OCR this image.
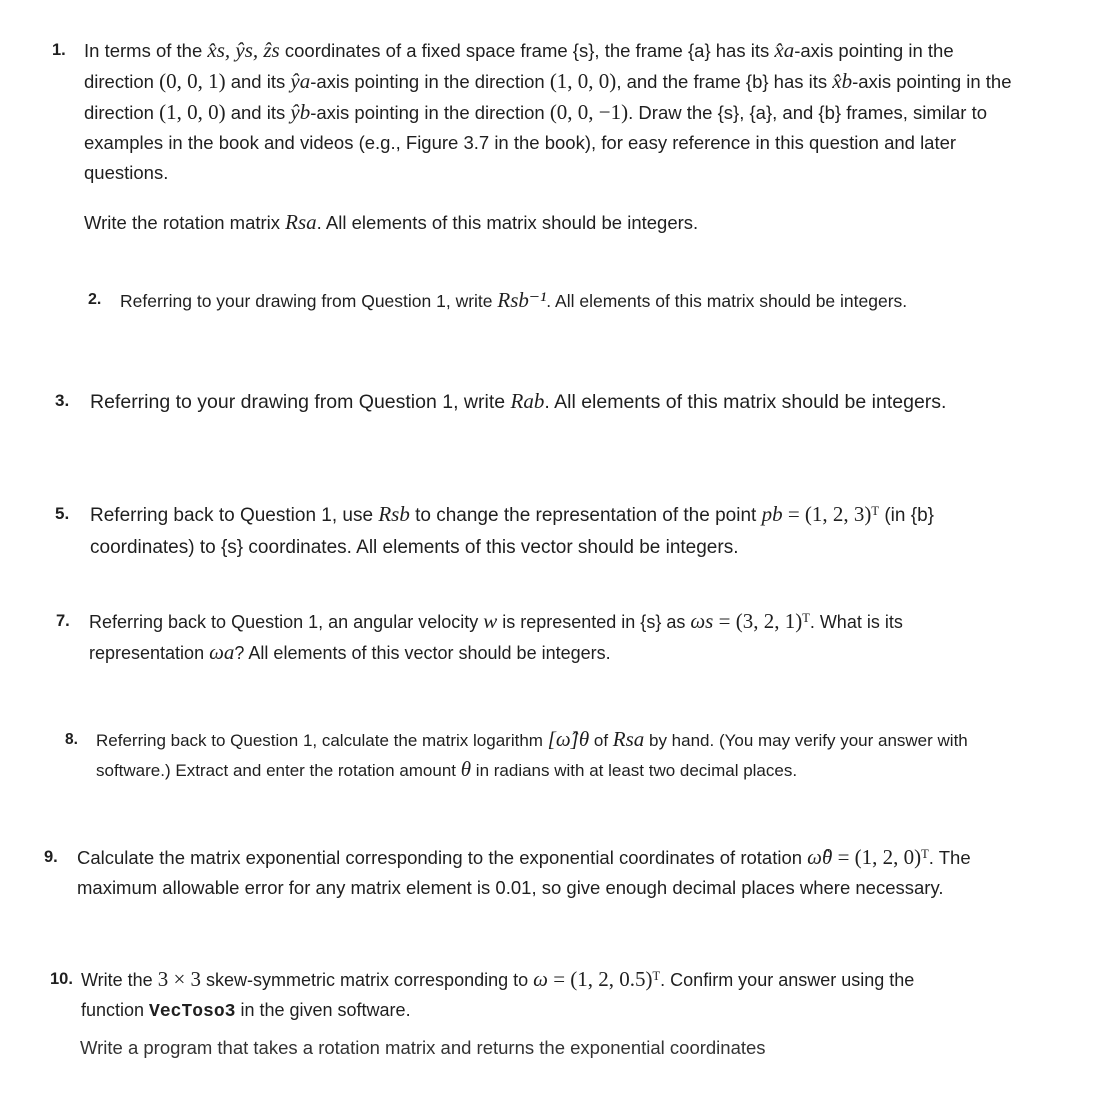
1. In terms of the x̂s, ŷs, ẑs coordinates of a fixed space frame {s}, the frame {a} has its x̂a-axis pointing in the direction (0, 0, 1) and its ŷa-axis pointing in the direction (1, 0, 0), and the frame {b} has its x̂b-axis pointing in the direction (1, 0, 0) and its ŷb-axis pointing in the direction (0, 0, −1). Draw the {s}, {a}, and {b} frames, similar to examples in the book and videos (e.g., Figure 3.7 in the book), for easy reference in this question and later questions.
Write the rotation matrix Rsa. All elements of this matrix should be integers.
2. Referring to your drawing from Question 1, write Rsb⁻¹. All elements of this matrix should be integers.
3. Referring to your drawing from Question 1, write Rab. All elements of this matrix should be integers.
5. Referring back to Question 1, use Rsb to change the representation of the point pb = (1, 2, 3)ᵀ (in {b} coordinates) to {s} coordinates. All elements of this vector should be integers.
7. Referring back to Question 1, an angular velocity w is represented in {s} as ωs = (3, 2, 1)ᵀ. What is its representation ωa? All elements of this vector should be integers.
8. Referring back to Question 1, calculate the matrix logarithm [ω̂]θ of Rsa by hand. (You may verify your answer with software.) Extract and enter the rotation amount θ in radians with at least two decimal places.
9. Calculate the matrix exponential corresponding to the exponential coordinates of rotation ω̂θ = (1, 2, 0)ᵀ. The maximum allowable error for any matrix element is 0.01, so give enough decimal places where necessary.
10. Write the 3 × 3 skew-symmetric matrix corresponding to ω = (1, 2, 0.5)ᵀ. Confirm your answer using the function VecToso3 in the given software.
Write a program that takes a rotation matrix and returns the exponential coordinates
